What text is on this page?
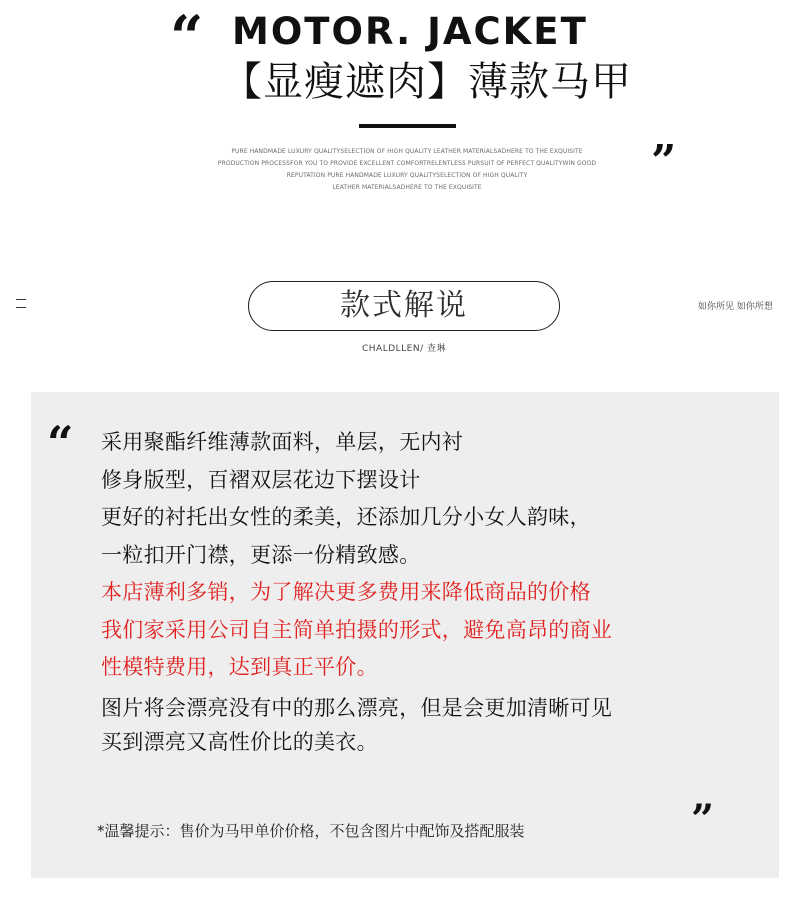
“ MOTOR. JACKET
【显瘦遮肉】薄款马甲
PURE HANDMADE LUXURY QUALITYSELECTION OF HIGH QUALITY LEATHER MATERIALSADHERE TO THE EXQUISITE
PRODUCTION PROCESSFOR YOU TO PROVIDE EXCELLENT COMFORTRELENTLESS PURSUIT OF PERFECT QUALITYWIN GOOD
REPUTATION PURE HANDMADE LUXURY QUALITYSELECTION OF HIGH QUALITY
LEATHER MATERIALSADHERE TO THE EXQUISITE
”
款式解说
CHALDLLEN/ 查琳
如你所见 如你所想
“ 采用聚酯纤维薄款面料，单层，无内衬
修身版型，百褶双层花边下摆设计
更好的衬托出女性的柔美，还添加几分小女人韵味，
一粒扣开门襟，更添一份精致感。
本店薄利多销，为了解决更多费用来降低商品的价格
我们家采用公司自主简单拍摄的形式，避免高昂的商业
性模特费用，达到真正平价。
图片将会漂亮没有中的那么漂亮，但是会更加清晰可见
买到漂亮又高性价比的美衣。
*温馨提示：售价为马甲单价价格，不包含图片中配饰及搭配服装	”
